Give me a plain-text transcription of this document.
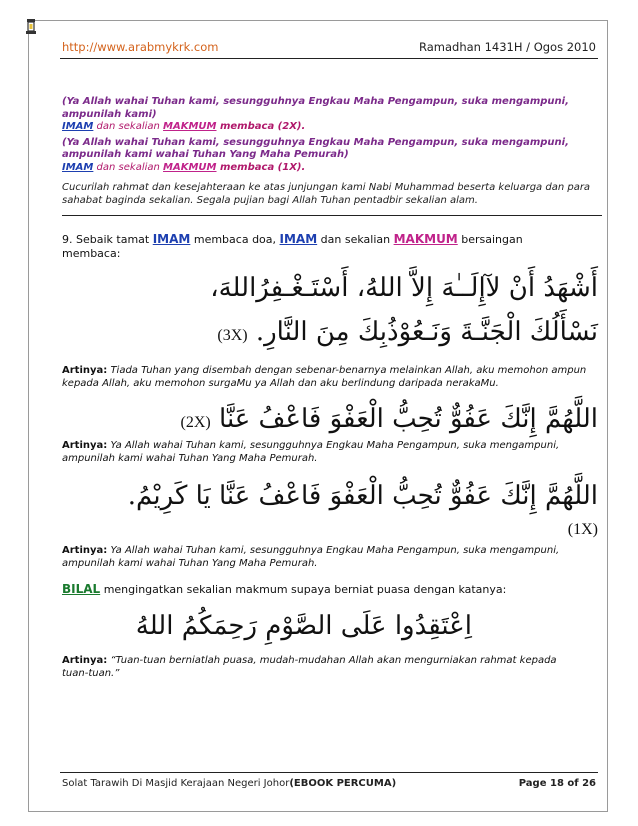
http://www.arabmykrk.com	Ramadhan 1431H / Ogos 2010
(Ya Allah wahai Tuhan kami, sesungguhnya Engkau Maha Pengampun, suka mengampuni, ampunilah kami)
IMAM dan sekalian MAKMUM membaca (2X).
(Ya Allah wahai Tuhan kami, sesungguhnya Engkau Maha Pengampun, suka mengampuni, ampunilah kami wahai Tuhan Yang Maha Pemurah)
IMAM dan sekalian MAKMUM membaca (1X).
Cucurilah rahmat dan kesejahteraan ke atas junjungan kami Nabi Muhammad beserta keluarga dan para sahabat baginda sekalian. Segala pujian bagi Allah Tuhan pentadbir sekalian alam.
9. Sebaik tamat IMAM membaca doa, IMAM dan sekalian MAKMUM bersaingan membaca:
أَشْهَدُ أَنْ لآإِلَــٰهَ إِلاَّ اللهُ، أَسْتَـغْـفِرُاللهَ،
نَسْأَلُكَ الْجَنَّـةَ وَنَـعُوْذُبِكَ مِنَ النَّارِ. (3X)
Artinya: Tiada Tuhan yang disembah dengan sebenar-benarnya melainkan Allah, aku memohon ampun kepada Allah, aku memohon surgaMu ya Allah dan aku berlindung daripada nerakaMu.
اللَّهُمَّ إِنَّكَ عَفُوٌّ تُحِبُّ الْعَفْوَ فَاعْفُ عَنَّا (2X)
Artinya: Ya Allah wahai Tuhan kami, sesungguhnya Engkau Maha Pengampun, suka mengampuni, ampunilah kami wahai Tuhan Yang Maha Pemurah.
اللَّهُمَّ إِنَّكَ عَفُوٌّ تُحِبُّ الْعَفْوَ فَاعْفُ عَنَّا يَا كَرِيْمُ.
(1X)
Artinya: Ya Allah wahai Tuhan kami, sesungguhnya Engkau Maha Pengampun, suka mengampuni, ampunilah kami wahai Tuhan Yang Maha Pemurah.
BILAL mengingatkan sekalian makmum supaya berniat puasa dengan katanya:
اِعْتَقِدُوا عَلَى الصَّوْمِ رَحِمَكُمُ اللهُ
Artinya: “Tuan-tuan berniatlah puasa, mudah-mudahan Allah akan mengurniakan rahmat kepada tuan-tuan.”
Solat Tarawih Di Masjid Kerajaan Negeri Johor(EBOOK PERCUMA)	Page 18 of 26
